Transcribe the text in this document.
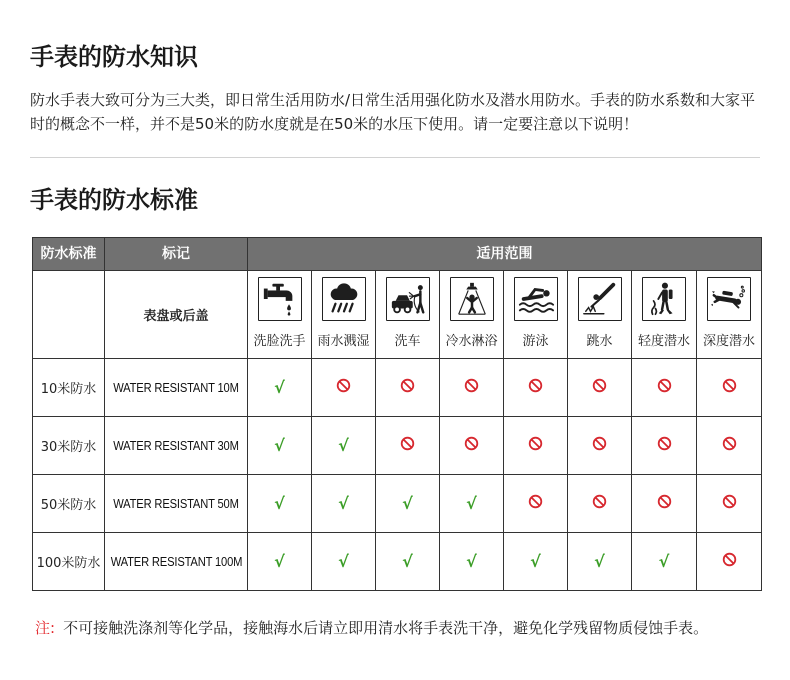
手表的防水知识
防水手表大致可分为三大类，即日常生活用防水/日常生活用强化防水及潜水用防水。手表的防水系数和大家平
时的概念不一样，并不是50米的防水度就是在50米的水压下使用。请一定要注意以下说明！
手表的防水标准
防水标准	标记	适用范围							
	表盘或后盖	洗脸洗手	雨水溅湿	洗车	冷水淋浴	游泳	跳水	轻度潜水	深度潜水

10米防水	WATER RESISTANT 10M	√							
30米防水	WATER RESISTANT 30M	√	√						
50米防水	WATER RESISTANT 50M	√	√	√	√				
100米防水	WATER RESISTANT 100M	√	√	√	√	√	√	√	
注: 不可接触洗涤剂等化学品，接触海水后请立即用清水将手表洗干净，避免化学残留物质侵蚀手表。
